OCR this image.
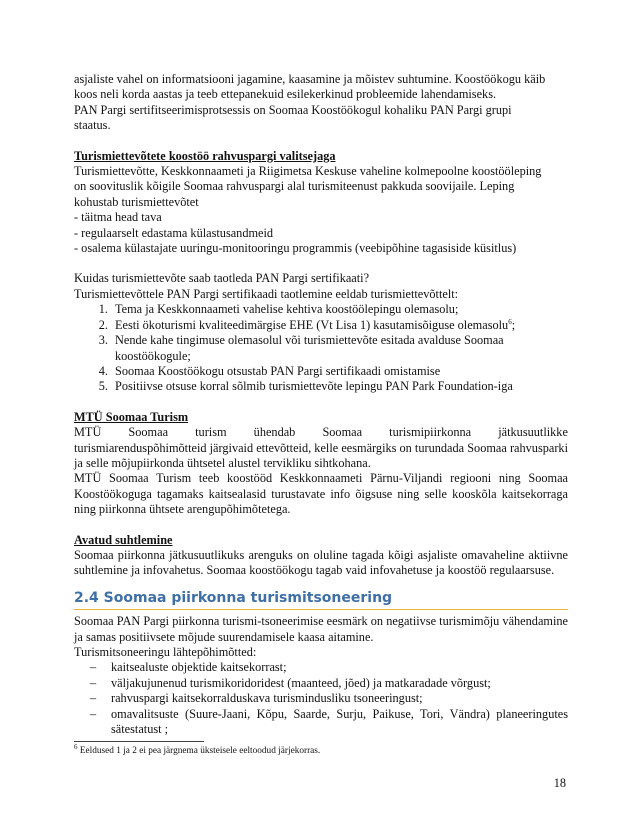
asjaliste vahel on informatsiooni jagamine, kaasamine ja mõistev suhtumine. Koostöökogu käib

koos neli korda aastas ja teeb ettepanekuid esilekerkinud probleemide lahendamiseks.

PAN Pargi sertifitseerimisprotsessis on Soomaa Koostöökogul kohaliku PAN Pargi grupi

staatus.

Turismiettevõtete koostöö rahvuspargi valitsejaga

Turismiettevõtte, Keskkonnaameti ja Riigimetsa Keskuse vaheline kolmepoolne koostööleping

on soovituslik kõigile Soomaa rahvuspargi alal turismiteenust pakkuda soovijaile. Leping

kohustab turismiettevõtet

- täitma head tava

- regulaarselt edastama külastusandmeid

- osalema külastajate uuringu-monitooringu programmis (veebipõhine tagasiside küsitlus)

Kuidas turismiettevõte saab taotleda PAN Pargi sertifikaati?

Turismiettevõttele PAN Pargi sertifikaadi taotlemine eeldab turismiettevõttelt:

1. Tema ja Keskkonnaameti vahelise kehtiva koostöölepingu olemasolu;
2. Eesti ökoturismi kvaliteedimärgise EHE (Vt Lisa 1) kasutamisõiguse olemasolu$^6$;
3. Nende kahe tingimuse olemasolul või turismiettevõte esitada avalduse Soomaa koostöökogule;
4. Soomaa Koostöökogu otsustab PAN Pargi sertifikaadi omistamise
5. Positiivse otsuse korral sõlmib turismiettevõte lepingu PAN Park Foundation-iga

MTÜ Soomaa Turism

MTÜ Soomaa turism ühendab Soomaa turismipiirkonna jätkusuutlikke

turismiarenduspõhimõtteid järgivaid ettevõtteid, kelle eesmärgiks on turundada Soomaa rahvusparki ja selle mõjupiirkonda ühtsetel alustel tervikliku sihtkohana.

MTÜ Soomaa Turism teeb koostööd Keskkonnaameti Pärnu-Viljandi regiooni ning Soomaa Koostöökoguga tagamaks kaitsealasid turustavate info õigsuse ning selle kooskõla kaitsekorraga ning piirkonna ühtsete arengupõhimõtetega.

Avatud suhtlemine

Soomaa piirkonna jätkusuutlikuks arenguks on oluline tagada kõigi asjaliste omavaheline aktiivne suhtlemine ja infovahetus. Soomaa koostöökogu tagab vaid infovahetuse ja koostöö regulaarsuse.

2.4 Soomaa piirkonna turismitsoneering

Soomaa PAN Pargi piirkonna turismi-tsoneerimise eesmärk on negatiivse turismimõju vähendamine ja samas positiivsete mõjude suurendamisele kaasa aitamine.

Turismitsoneeringu lähtepõhimõtted:

– kaitsealuste objektide kaitsekorrast;
– väljakujunenud turismikoridoridest (maanteed, jõed) ja matkaradade võrgust;
– rahvuspargi kaitsekorralduskava turismindusliku tsoneeringust;
– omavalitsuste (Suure-Jaani, Kõpu, Saarde, Surju, Paikuse, Tori, Vändra) planeeringutes sätestatust ;

$^6$ Eeldused 1 ja 2 ei pea järgnema üksteisele eeltoodud järjekorras.

18
